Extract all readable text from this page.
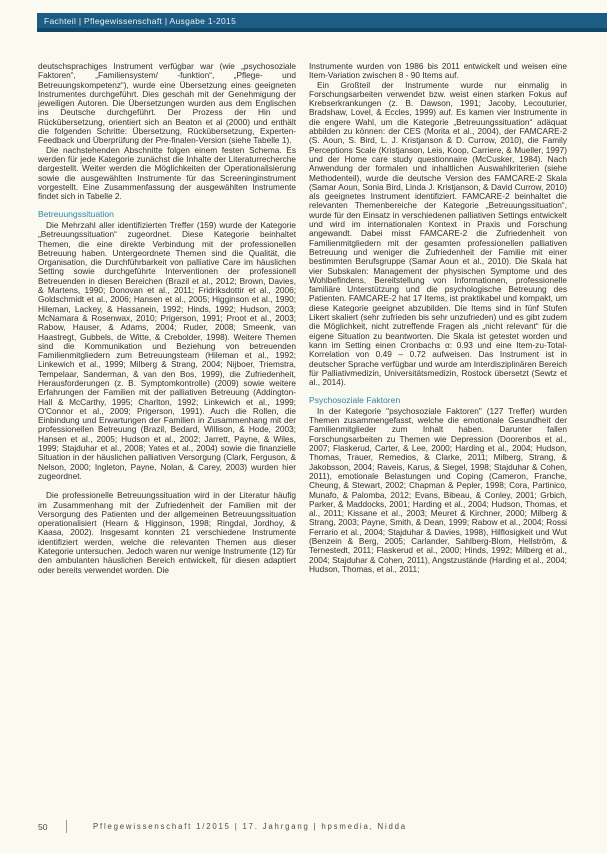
Fachteil | Pflegewissenschaft | Ausgabe 1-2015

deutschsprachiges Instrument verfügbar war (wie „psychosoziale Faktoren“, „Familiensystem/ -funktion“, „Pflege- und Betreuungskompetenz“), wurde eine Übersetzung eines geeigneten Instrumentes durchgeführt. Dies geschah mit der Genehmigung der jeweiligen Autoren. Die Übersetzungen wurden aus dem Englischen ins Deutsche durchgeführt. Der Prozess der Hin und Rückübersetzung, orientiert sich an Beaton et al (2000) und enthält die folgenden Schritte: Übersetzung, Rückübersetzung, Experten-Feedback und Überprüfung der Pre-finalen-Version (siehe Tabelle 1).

Die nachstehenden Abschnitte folgen einem festen Schema. Es werden für jede Kategorie zunächst die Inhalte der Literaturrecherche dargestellt. Weiter werden die Möglichkeiten der Operationalisierung sowie die ausgewählten Instrumente für das Screeninginstrument vorgestellt. Eine Zusammenfassung der ausgewählten Instrumente findet sich in Tabelle 2.

Betreuungssituation

Die Mehrzahl aller identifizierten Treffer (159) wurde der Kategorie „Betreuungssituation“ zugeordnet. Diese Kategorie beinhaltet Themen, die eine direkte Verbindung mit der professionellen Betreuung haben. Untergeordnete Themen sind die Qualität, die Organisation, die Durchführbarkeit von palliative Care im häuslichen Setting sowie durchgeführte Interventionen der professionell Betreuenden in diesen Bereichen (Brazil et al., 2012; Brown, Davies, & Martens, 1990; Donovan et al., 2011; Fridriksdottir et al., 2006; Goldschmidt et al., 2006; Hansen et al., 2005; Higginson et al., 1990; Hileman, Lackey, & Hassanein, 1992; Hinds, 1992; Hudson, 2003; McNamara & Rosenwax, 2010; Prigerson, 1991; Proot et al., 2003; Rabow, Hauser, & Adams, 2004; Ruder, 2008; Smeenk, van Haastregt, Gubbels, de Witte, & Crebolder, 1998). Weitere Themen sind die Kommunikation und Beziehung von betreuenden Familienmitgliedern zum Betreuungsteam (Hileman et al., 1992; Linkewich et al., 1999; Milberg & Strang, 2004; Nijboer, Triemstra, Tempelaar, Sanderman, & van den Bos, 1999), die Zufriedenheit, Herausforderungen (z. B. Symptomkontrolle) (2009) sowie weitere Erfahrungen der Familien mit der palliativen Betreuung (Addington-Hall & McCarthy, 1995; Charlton, 1992; Linkewich et al., 1999; O'Connor et al., 2009; Prigerson, 1991). Auch die Rollen, die Einbindung und Erwartungen der Familien in Zusammenhang mit der professionellen Betreuung (Brazil, Bedard, Willison, & Hode, 2003; Hansen et al., 2005; Hudson et al., 2002; Jarrett, Payne, & Wiles, 1999; Stajduhar et al., 2008; Yates et al., 2004) sowie die finanzielle Situation in der häuslichen palliativen Versorgung (Clark, Ferguson, & Nelson, 2000; Ingleton, Payne, Nolan, & Carey, 2003) wurden hier zugeordnet.

Die professionelle Betreuungssituation wird in der Literatur häufig im Zusammenhang mit der Zufriedenheit der Familien mit der Versorgung des Patienten und der allgemeinen Betreuungssituation operationalisiert (Hearn & Higginson, 1998; Ringdal, Jordhoy, & Kaasa, 2002). Insgesamt konnten 21 verschiedene Instrumente identifiziert werden, welche die relevanten Themen aus dieser Kategorie untersuchen. Jedoch waren nur wenige Instrumente (12) für den ambulanten häuslichen Bereich entwickelt, für diesen adaptiert oder bereits verwendet worden. Die

Instrumente wurden von 1986 bis 2011 entwickelt und weisen eine Item-Variation zwischen 8 - 90 Items auf.

Ein Großteil der Instrumente wurde nur einmalig in Forschungsarbeiten verwendet bzw. weist einen starken Fokus auf Krebserkrankungen (z. B. Dawson, 1991; Jacoby, Lecouturier, Bradshaw, Lovel, & Eccles, 1999) auf. Es kamen vier Instrumente in die engere Wahl, um die Kategorie „Betreuungssituation“ adäquat abbilden zu können: der CES (Morita et al., 2004), der FAMCARE-2 (S. Aoun, S. Bird, L. J. Kristjanson & D. Currow, 2010), die Family Perceptions Scale (Kristjanson, Leis, Koop, Carriere, & Mueller, 1997) und der Home care study questionnaire (McCusker, 1984). Nach Anwendung der formalen und inhaltlichen Auswahlkriterien (siehe Methodenteil), wurde die deutsche Version des FAMCARE-2 Skala (Samar Aoun, Sonia Bird, Linda J. Kristjanson, & David Currow, 2010) als geeignetes Instrument identifiziert. FAMCARE-2 beinhaltet die relevanten Themenbereiche der Kategorie „Betreuungssituation“, wurde für den Einsatz in verschiedenen palliativen Settings entwickelt und wird im internationalen Kontext in Praxis und Forschung angewandt. Dabei misst FAMCARE-2 die Zufriedenheit von Familienmitgliedern mit der gesamten professionellen palliativen Betreuung und weniger die Zufriedenheit der Familie mit einer bestimmten Berufsgruppe (Samar Aoun et al., 2010). Die Skala hat vier Subskalen: Management der physischen Symptome und des Wohlbefindens, Bereitstellung von Informationen, professionelle familiäre Unterstützung und die psychologische Betreuung des Patienten. FAMCARE-2 hat 17 Items, ist praktikabel und kompakt, um diese Kategorie geeignet abzubilden. Die Items sind in fünf Stufen Likert skaliert (sehr zufrieden bis sehr unzufrieden) und es gibt zudem die Möglichkeit, nicht zutreffende Fragen als „nicht relevant“ für die eigene Situation zu beantworten. Die Skala ist getestet worden und kann im Setting einen Cronbachs α: 0.93 und eine Item-zu-Total-Korrelation von 0.49 – 0.72 aufweisen. Das Instrument ist in deutscher Sprache verfügbar und wurde am Interdisziplinären Bereich für Palliativmedizin, Universitätsmedizin, Rostock übersetzt (Sewtz et al., 2014).

Psychosoziale Faktoren

In der Kategorie "psychosoziale Faktoren" (127 Treffer) wurden Themen zusammengefasst, welche die emotionale Gesundheit der Familienmitglieder zum Inhalt haben. Darunter fallen Forschungsarbeiten zu Themen wie Depression (Doorenbos et al., 2007; Flaskerud, Carter, & Lee, 2000; Harding et al., 2004; Hudson, Thomas, Trauer, Remedios, & Clarke, 2011; Milberg, Strang, & Jakobsson, 2004; Raveis, Karus, & Siegel, 1998; Stajduhar & Cohen, 2011), emotionale Belastungen und Coping (Cameron, Franche, Cheung, & Stewart, 2002; Chapman & Pepler, 1998; Cora, Partinico, Munafo, & Palomba, 2012; Evans, Bibeau, & Conley, 2001; Grbich, Parker, & Maddocks, 2001; Harding et al., 2004; Hudson, Thomas, et al., 2011; Kissane et al., 2003; Meuret & Kirchner, 2000; Milberg & Strang, 2003; Payne, Smith, & Dean, 1999; Rabow et al., 2004; Rossi Ferrario et al., 2004; Stajduhar & Davies, 1998), Hilflosigkeit und Wut (Benzein & Berg, 2005; Carlander, Sahlberg-Blom, Hellström, & Ternestedt, 2011; Flaskerud et al., 2000; Hinds, 1992; Milberg et al., 2004; Stajduhar & Cohen, 2011), Angstzustände (Harding et al., 2004; Hudson, Thomas, et al., 2011;

50	Pflegewissenschaft 1/2015 | 17. Jahrgang | hpsmedia, Nidda
